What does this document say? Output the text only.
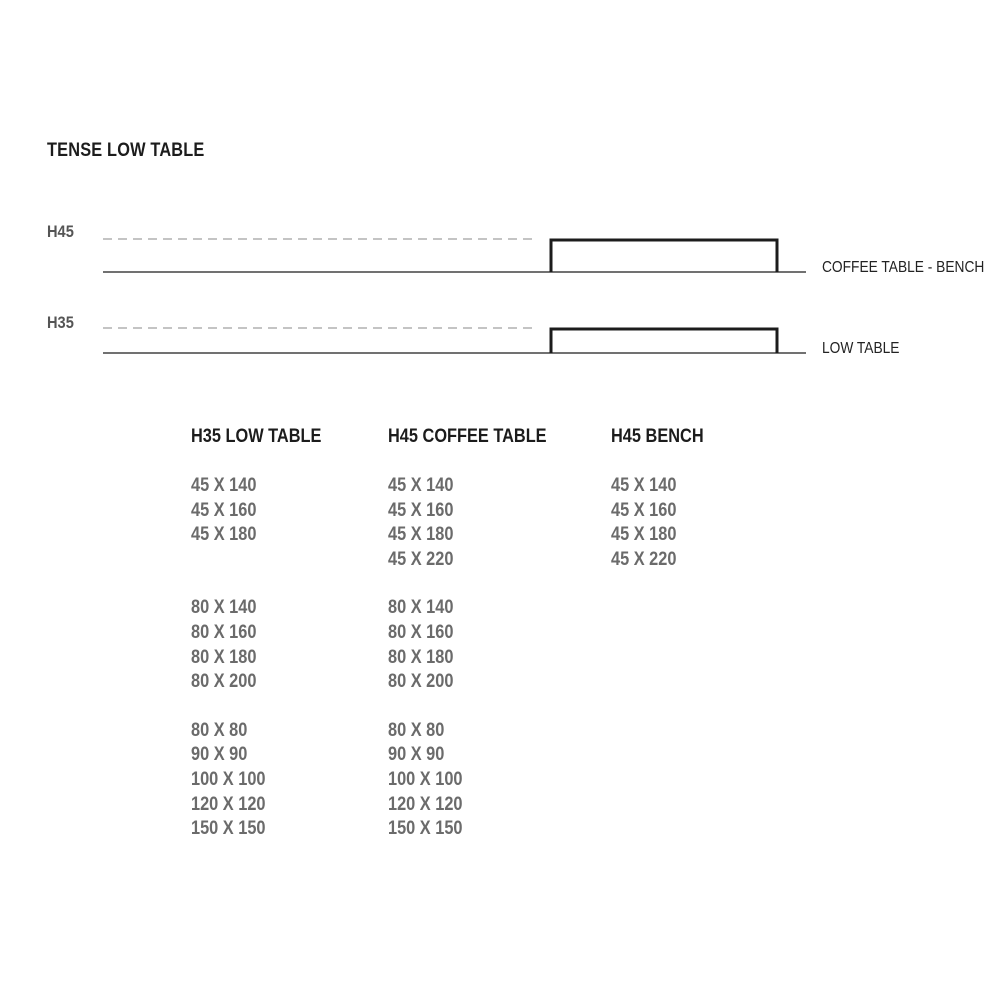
TENSE LOW TABLE
H45
COFFEE TABLE - BENCH
H35
LOW TABLE
H35 LOW TABLE
45 X 140
45 X 160
45 X 180
80 X 140
80 X 160
80 X 180
80 X 200
80 X 80
90 X 90
100 X 100
120 X 120
150 X 150
H45 COFFEE TABLE
45 X 140
45 X 160
45 X 180
45 X 220
80 X 140
80 X 160
80 X 180
80 X 200
80 X 80
90 X 90
100 X 100
120 X 120
150 X 150
H45 BENCH
45 X 140
45 X 160
45 X 180
45 X 220
